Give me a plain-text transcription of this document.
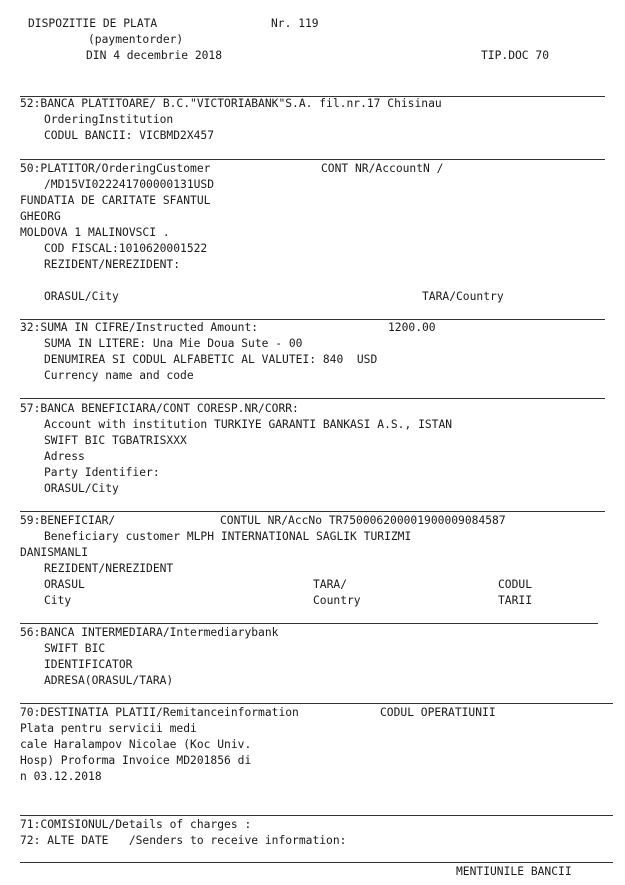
DISPOZITIE DE PLATA	Nr. 119
(paymentorder)
DIN 4 decembrie 2018	TIP.DOC 70
52:BANCA PLATITOARE/ B.C."VICTORIABANK"S.A. fil.nr.17 Chisinau
OrderingInstitution
CODUL BANCII: VICBMD2X457
50:PLATITOR/OrderingCustomer	CONT NR/AccountN /
/MD15VI022241700000131USD
FUNDATIA DE CARITATE SFANTUL
GHEORG
MOLDOVA 1 MALINOVSCI .
COD FISCAL:1010620001522
REZIDENT/NEREZIDENT:
ORASUL/City	TARA/Country
32:SUMA IN CIFRE/Instructed Amount:	1200.00
SUMA IN LITERE: Una Mie Doua Sute - 00
DENUMIREA SI CODUL ALFABETIC AL VALUTEI: 840  USD
Currency name and code
57:BANCA BENEFICIARA/CONT CORESP.NR/CORR:
Account with institution TURKIYE GARANTI BANKASI A.S., ISTAN
SWIFT BIC TGBATRISXXX
Adress
Party Identifier:
ORASUL/City
59:BENEFICIAR/	CONTUL NR/AccNo TR750006200001900009084587
Beneficiary customer MLPH INTERNATIONAL SAGLIK TURIZMI
DANISMANLI
REZIDENT/NEREZIDENT
ORASUL	TARA/	CODUL
City	Country	TARII
56:BANCA INTERMEDIARA/Intermediarybank
SWIFT BIC
IDENTIFICATOR
ADRESA(ORASUL/TARA)
70:DESTINATIA PLATII/Remitanceinformation	CODUL OPERATIUNII
Plata pentru servicii medi
cale Haralampov Nicolae (Koc Univ.
Hosp) Proforma Invoice MD201856 di
n 03.12.2018
71:COMISIONUL/Details of charges :
72: ALTE DATE   /Senders to receive information:
MENTIUNILE BANCII
